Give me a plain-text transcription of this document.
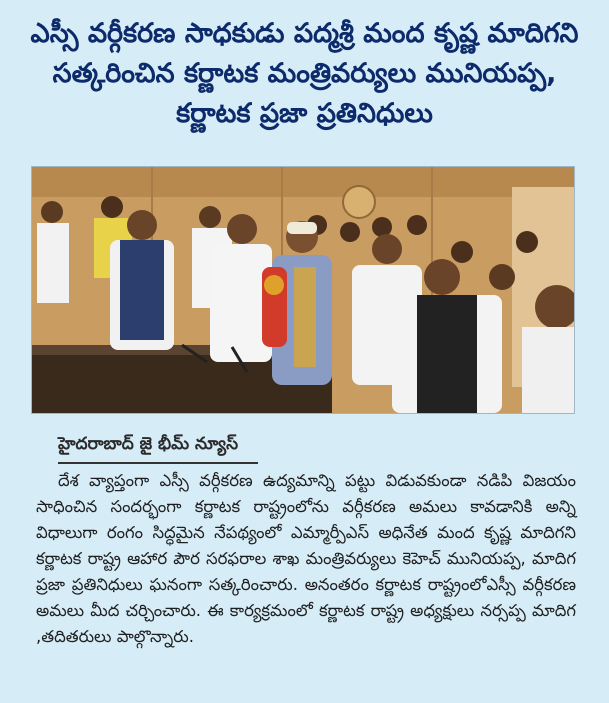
ఎస్సీ వర్గీకరణ సాధకుడు పద్మశ్రీ మంద కృష్ణ మాదిగని సత్కరించిన కర్ణాటక మంత్రివర్యులు మునియప్ప, కర్ణాటక ప్రజా ప్రతినిధులు
హైదరాబాద్ జై భీమ్ న్యూస్
దేశ వ్యాప్తంగా ఎస్సీ వర్గీకరణ ఉద్యమాన్ని పట్టు విడువకుండా నడిపి విజయం సాధించిన సందర్భంగా కర్ణాటక రాష్ట్రంలోను వర్గీకరణ అమలు కావడానికి అన్ని విధాలుగా రంగం సిద్ధమైన నేపథ్యంలో ఎమ్మార్పీఎస్ అధినేత మంద కృష్ణ మాదిగని కర్ణాటక రాష్ట్ర ఆహార పౌర సరఫరాల శాఖ మంత్రివర్యులు కెహెచ్ మునియప్ప, మాదిగ ప్రజా ప్రతినిధులు ఘనంగా సత్కరించారు. అనంతరం కర్ణాటక రాష్ట్రంలోఎస్సీ వర్గీకరణ అమలు మీద చర్చించారు. ఈ కార్యక్రమంలో కర్ణాటక రాష్ట్ర అధ్యక్షులు నర్సప్ప మాదిగ ,తదితరులు పాల్గొన్నారు.
